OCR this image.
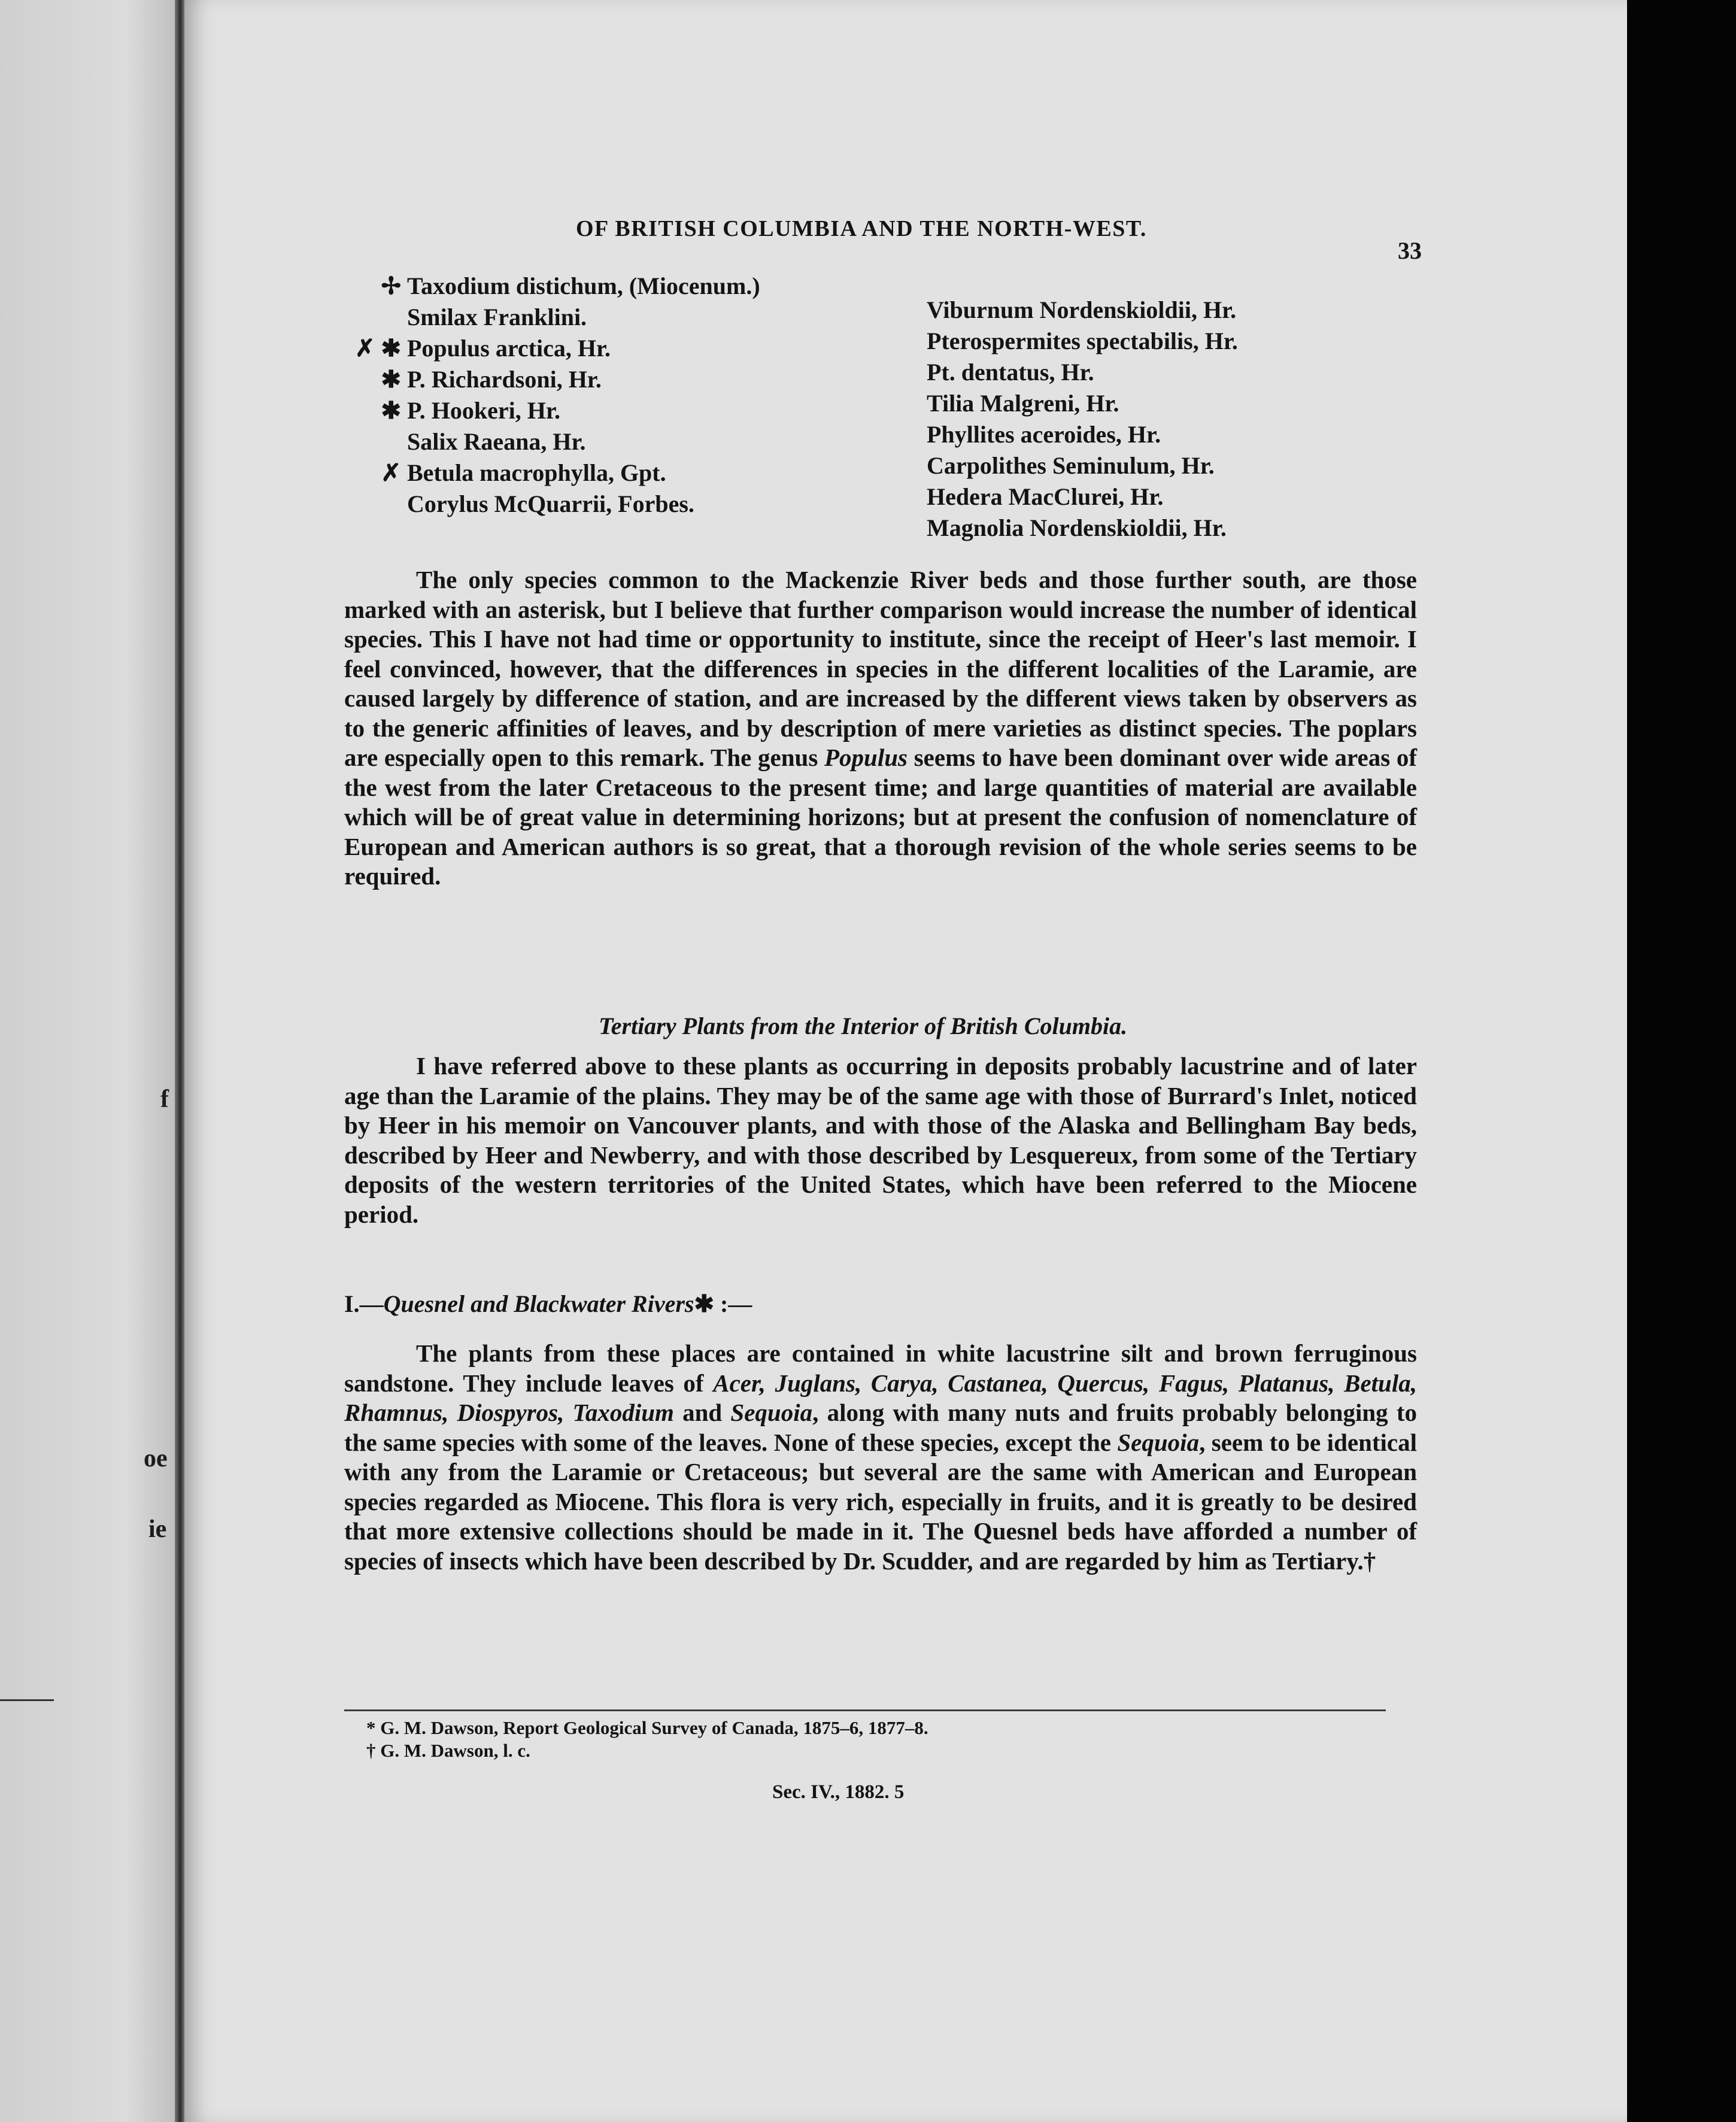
f
oe
ie
OF BRITISH COLUMBIA AND THE NORTH-WEST.
33
✢ Taxodium distichum, (Miocenum.)
Smilax Franklini.
✗ ✱ Populus arctica, Hr.
✱ P. Richardsoni, Hr.
✱ P. Hookeri, Hr.
Salix Raeana, Hr.
✗ Betula macrophylla, Gpt.
Corylus McQuarrii, Forbes.
Viburnum Nordenskioldii, Hr.
Pterospermites spectabilis, Hr.
Pt. dentatus, Hr.
Tilia Malgreni, Hr.
Phyllites aceroides, Hr.
Carpolithes Seminulum, Hr.
Hedera MacClurei, Hr.
Magnolia Nordenskioldii, Hr.

The only species common to the Mackenzie River beds and those further south, are those marked with an asterisk, but I believe that further comparison would increase the number of identical species. This I have not had time or opportunity to institute, since the receipt of Heer's last memoir. I feel convinced, however, that the differences in species in the different localities of the Laramie, are caused largely by difference of station, and are increased by the different views taken by observers as to the generic affinities of leaves, and by description of mere varieties as distinct species. The poplars are especially open to this remark. The genus Populus seems to have been dominant over wide areas of the west from the later Cretaceous to the present time; and large quantities of material are available which will be of great value in determining horizons; but at present the confusion of nomenclature of European and American authors is so great, that a thorough revision of the whole series seems to be required.

Tertiary Plants from the Interior of British Columbia.

I have referred above to these plants as occurring in deposits probably lacustrine and of later age than the Laramie of the plains. They may be of the same age with those of Burrard's Inlet, noticed by Heer in his memoir on Vancouver plants, and with those of the Alaska and Bellingham Bay beds, described by Heer and Newberry, and with those described by Lesquereux, from some of the Tertiary deposits of the western territories of the United States, which have been referred to the Miocene period.

I.—Quesnel and Blackwater Rivers✱ :—

The plants from these places are contained in white lacustrine silt and brown ferruginous sandstone. They include leaves of Acer, Juglans, Carya, Castanea, Quercus, Fagus, Platanus, Betula, Rhamnus, Diospyros, Taxodium and Sequoia, along with many nuts and fruits probably belonging to the same species with some of the leaves. None of these species, except the Sequoia, seem to be identical with any from the Laramie or Cretaceous; but several are the same with American and European species regarded as Miocene. This flora is very rich, especially in fruits, and it is greatly to be desired that more extensive collections should be made in it. The Quesnel beds have afforded a number of species of insects which have been described by Dr. Scudder, and are regarded by him as Tertiary.†

* G. M. Dawson, Report Geological Survey of Canada, 1875–6, 1877–8.
† G. M. Dawson, l. c.
Sec. IV., 1882. 5
